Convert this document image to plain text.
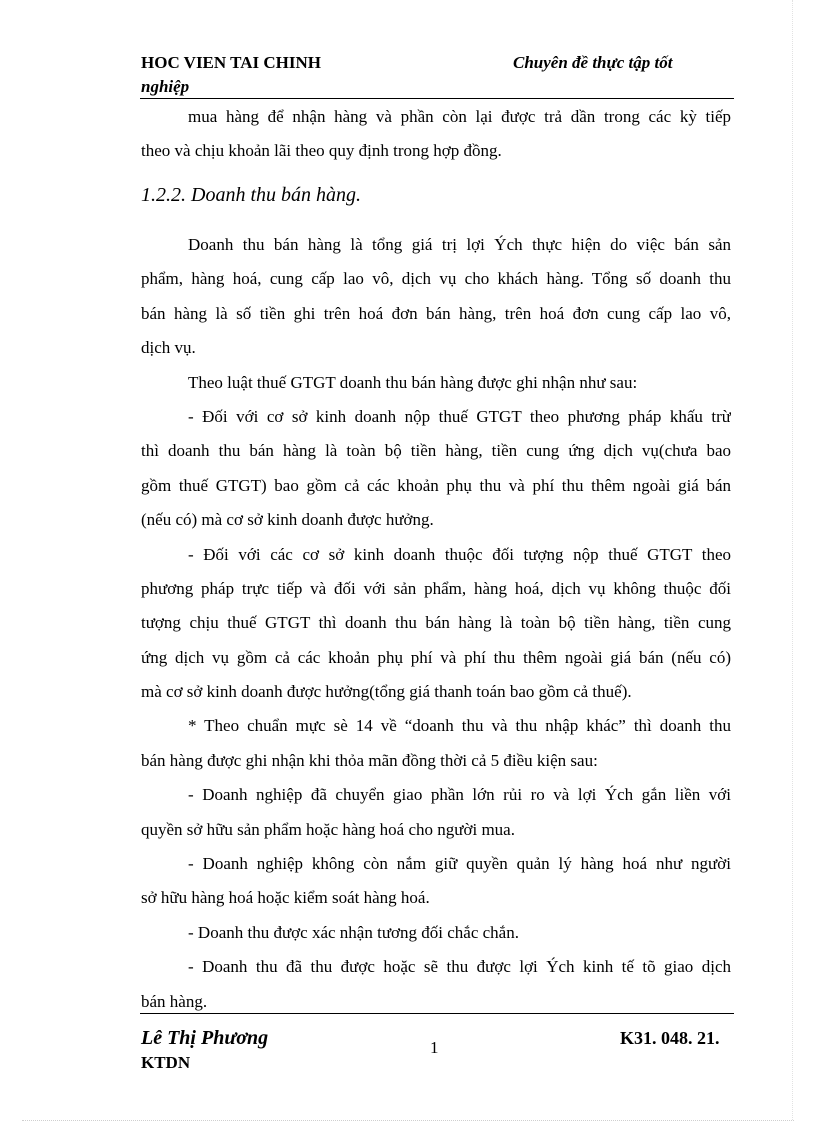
HOC VIEN TAI CHINH
nghiệp
Chuyên đề thực tập tốt
mua hàng để nhận hàng và phần còn lại được trả dần trong các kỳ tiếp
theo và chịu khoản lãi theo quy định trong hợp đồng.
1.2.2. Doanh thu bán hàng.
Doanh thu bán hàng là tổng giá trị lợi Ých thực hiện do việc bán sản
phẩm, hàng hoá, cung cấp lao vô, dịch vụ cho khách hàng. Tổng số doanh thu
bán hàng là số tiền ghi trên hoá đơn bán hàng, trên hoá đơn cung cấp lao vô,
dịch vụ.
Theo luật thuế GTGT doanh thu bán hàng được ghi nhận như sau:
- Đối với cơ sở kinh doanh nộp thuế GTGT theo phương pháp khấu trừ
thì doanh thu bán hàng là toàn bộ tiền hàng, tiền cung ứng dịch vụ(chưa bao
gồm thuế GTGT) bao gồm cả các khoản phụ thu và phí thu thêm ngoài giá bán
(nếu có) mà cơ sở kinh doanh được hưởng.
- Đối với các cơ sở kinh doanh thuộc đối tượng nộp thuế GTGT theo
phương pháp trực tiếp và đối với sản phẩm, hàng hoá, dịch vụ không thuộc đối
tượng chịu thuế GTGT thì doanh thu bán hàng là toàn bộ tiền hàng, tiền cung
ứng dịch vụ gồm cả các khoản phụ phí và phí thu thêm ngoài giá bán (nếu có)
mà cơ sở kinh doanh được hưởng(tổng giá thanh toán bao gồm cả thuế).
* Theo chuẩn mực sè 14 về “doanh thu và thu nhập khác” thì doanh thu
bán hàng được ghi nhận khi thỏa mãn đồng thời cả 5 điều kiện sau:
- Doanh nghiệp đã chuyển giao phần lớn rủi ro và lợi Ých gắn liền với
quyền sở hữu sản phẩm hoặc hàng hoá cho người mua.
- Doanh nghiệp không còn nắm giữ quyền quản lý hàng hoá như người
sở hữu hàng hoá hoặc kiểm soát hàng hoá.
- Doanh thu được xác nhận tương đối chắc chắn.
- Doanh thu đã thu được hoặc sẽ thu được lợi Ých kinh tế tõ giao dịch
bán hàng.
Lê Thị Phương
KTDN
1	K31. 048. 21.
